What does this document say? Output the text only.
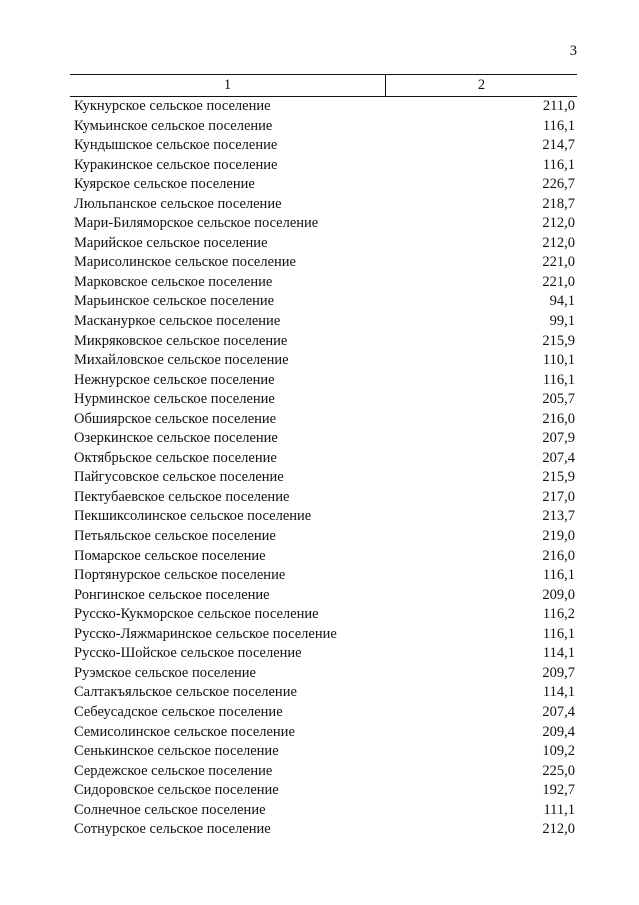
3
1	2
Кукнурское сельское поселение	211,0
Кумьинское сельское поселение	116,1
Кундышское сельское поселение	214,7
Куракинское сельское поселение	116,1
Куярское сельское поселение	226,7
Люльпанское сельское поселение	218,7
Мари-Биляморское сельское поселение	212,0
Марийское сельское поселение	212,0
Марисолинское сельское поселение	221,0
Марковское сельское поселение	221,0
Марьинское сельское поселение	94,1
Маскануркое сельское поселение	99,1
Микряковское сельское поселение	215,9
Михайловское сельское поселение	110,1
Нежнурское сельское поселение	116,1
Нурминское сельское поселение	205,7
Обшиярское сельское поселение	216,0
Озеркинское сельское поселение	207,9
Октябрьское сельское поселение	207,4
Пайгусовское сельское поселение	215,9
Пектубаевское сельское поселение	217,0
Пекшиксолинское сельское поселение	213,7
Петьяльское сельское поселение	219,0
Помарское сельское поселение	216,0
Портянурское сельское поселение	116,1
Ронгинское сельское поселение	209,0
Русско-Кукморское сельское поселение	116,2
Русско-Ляжмаринское сельское поселение	116,1
Русско-Шойское сельское поселение	114,1
Руэмское сельское поселение	209,7
Салтакъяльское сельское поселение	114,1
Себеусадское сельское поселение	207,4
Семисолинское сельское поселение	209,4
Сенькинское сельское поселение	109,2
Сердежское сельское поселение	225,0
Сидоровское сельское поселение	192,7
Солнечное сельское поселение	111,1
Сотнурское сельское поселение	212,0
